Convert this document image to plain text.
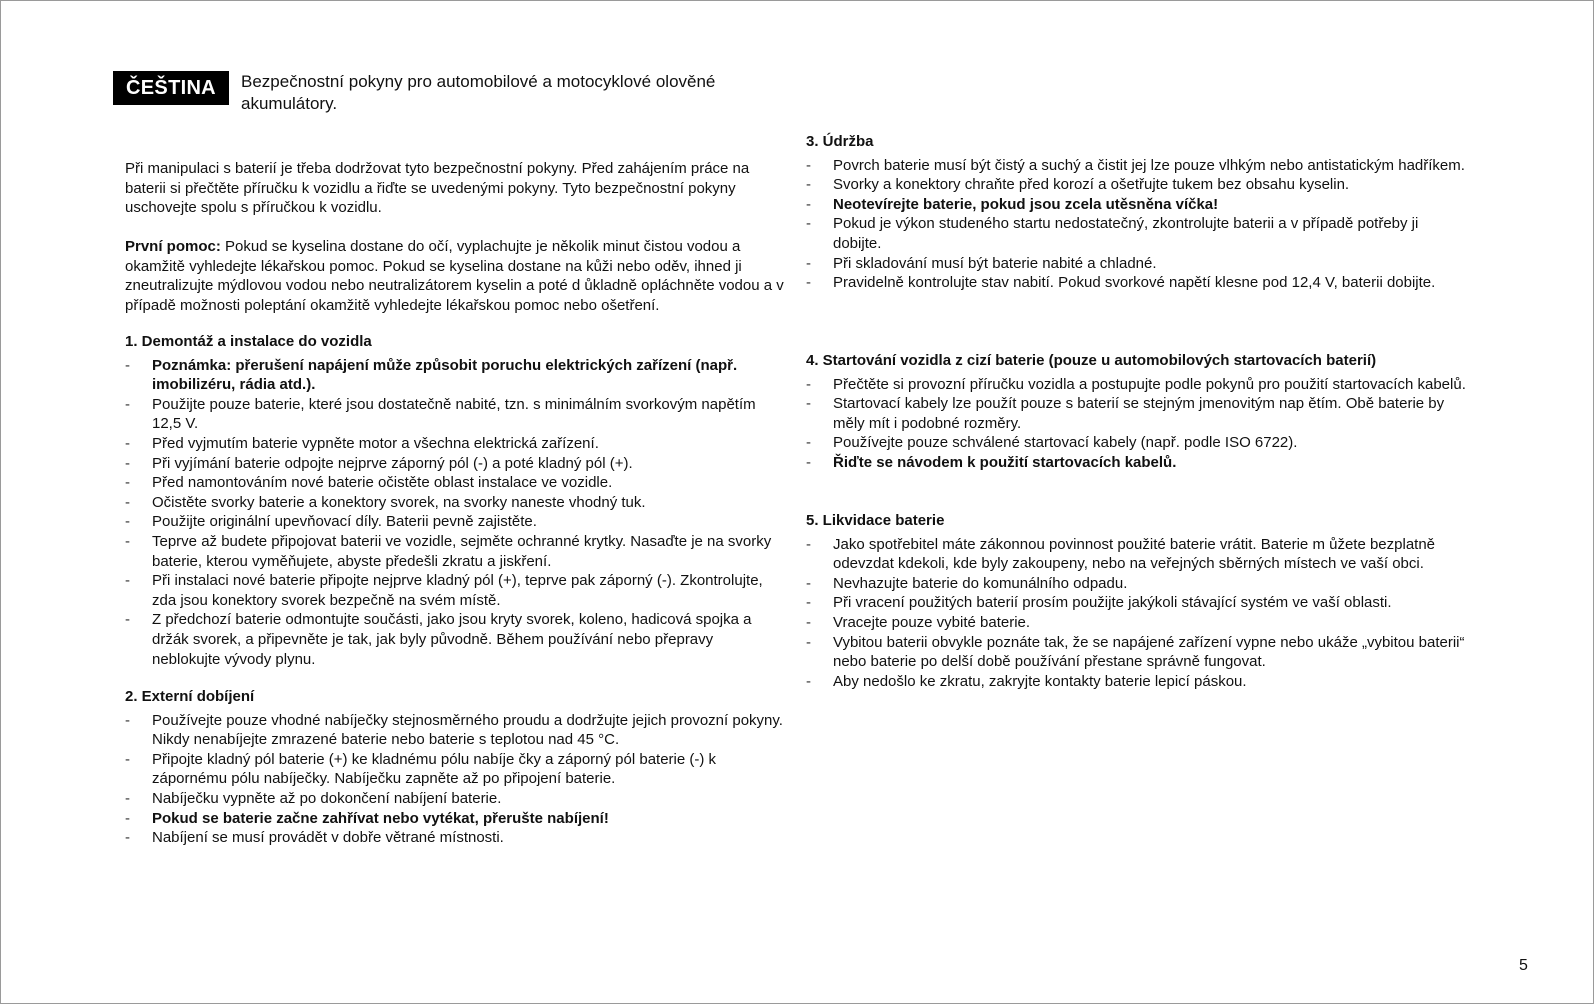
ČEŠTINA	Bezpečnostní pokyny pro automobilové a motocyklové olověné akumulátory.

Při manipulaci s baterií je třeba dodržovat tyto bezpečnostní pokyny. Před zahájením práce na baterii si přečtěte příručku k vozidlu a řiďte se uvedenými pokyny. Tyto bezpečnostní pokyny uschovejte spolu s příručkou k vozidlu.

První pomoc: Pokud se kyselina dostane do očí, vyplachujte je několik minut čistou vodou a okamžitě vyhledejte lékařskou pomoc. Pokud se kyselina dostane na kůži nebo oděv, ihned ji zneutralizujte mýdlovou vodou nebo neutralizátorem kyselin a poté d ůkladně opláchněte vodou a v případě možnosti poleptání okamžitě vyhledejte lékařskou pomoc nebo ošetření.

1. Demontáž a instalace do vozidla
-	Poznámka: přerušení napájení může způsobit poruchu elektrických zařízení (např. imobilizéru, rádia atd.).
-	Použijte pouze baterie, které jsou dostatečně nabité, tzn. s minimálním svorkovým napětím 12,5 V.
-	Před vyjmutím baterie vypněte motor a všechna elektrická zařízení.
-	Při vyjímání baterie odpojte nejprve záporný pól (-) a poté kladný pól (+).
-	Před namontováním nové baterie očistěte oblast instalace ve vozidle.
-	Očistěte svorky baterie a konektory svorek, na svorky naneste vhodný tuk.
-	Použijte originální upevňovací díly. Baterii pevně zajistěte.
-	Teprve až budete připojovat baterii ve vozidle, sejměte ochranné krytky. Nasaďte je na svorky baterie, kterou vyměňujete, abyste předešli zkratu a jiskření.
-	Při instalaci nové baterie připojte nejprve kladný pól (+), teprve pak záporný (-). Zkontrolujte, zda jsou konektory svorek bezpečně na svém místě.
-	Z předchozí baterie odmontujte součásti, jako jsou kryty svorek, koleno, hadicová spojka a držák svorek, a připevněte je tak, jak byly původně. Během používání nebo přepravy neblokujte vývody plynu.
2. Externí dobíjení
-	Používejte pouze vhodné nabíječky stejnosměrného proudu a dodržujte jejich provozní pokyny. Nikdy nenabíjejte zmrazené baterie nebo baterie s teplotou nad 45 °C.
-	Připojte kladný pól baterie (+) ke kladnému pólu nabíje čky a záporný pól baterie (-) k zápornému pólu nabíječky. Nabíječku zapněte až po připojení baterie.
-	Nabíječku vypněte až po dokončení nabíjení baterie.
-	Pokud se baterie začne zahřívat nebo vytékat, přerušte nabíjení!
-	Nabíjení se musí provádět v dobře větrané místnosti.
3. Údržba
-	Povrch baterie musí být čistý a suchý a čistit jej lze pouze vlhkým nebo antistatickým hadříkem.
-	Svorky a konektory chraňte před korozí a ošetřujte tukem bez obsahu kyselin.
-	Neotevírejte baterie, pokud jsou zcela utěsněna víčka!
-	Pokud je výkon studeného startu nedostatečný, zkontrolujte baterii a v případě potřeby ji dobijte.
-	Při skladování musí být baterie nabité a chladné.
-	Pravidelně kontrolujte stav nabití. Pokud svorkové napětí klesne pod 12,4 V, baterii dobijte.
4. Startování vozidla z cizí baterie (pouze u automobilových startovacích baterií)
-	Přečtěte si provozní příručku vozidla a postupujte podle pokynů pro použití startovacích kabelů.
-	Startovací kabely lze použít pouze s baterií se stejným jmenovitým nap ětím. Obě baterie by měly mít i podobné rozměry.
-	Používejte pouze schválené startovací kabely (např. podle ISO 6722).
-	Řiďte se návodem k použití startovacích kabelů.
5. Likvidace baterie
-	Jako spotřebitel máte zákonnou povinnost použité baterie vrátit. Baterie m ůžete bezplatně odevzdat kdekoli, kde byly zakoupeny, nebo na veřejných sběrných místech ve vaší obci.
-	Nevhazujte baterie do komunálního odpadu.
-	Při vracení použitých baterií prosím použijte jakýkoli stávající systém ve vaší oblasti.
-	Vracejte pouze vybité baterie.
-	Vybitou baterii obvykle poznáte tak, že se napájené zařízení vypne nebo ukáže „vybitou baterii“ nebo baterie po delší době používání přestane správně fungovat.
-	Aby nedošlo ke zkratu, zakryjte kontakty baterie lepicí páskou.
5
